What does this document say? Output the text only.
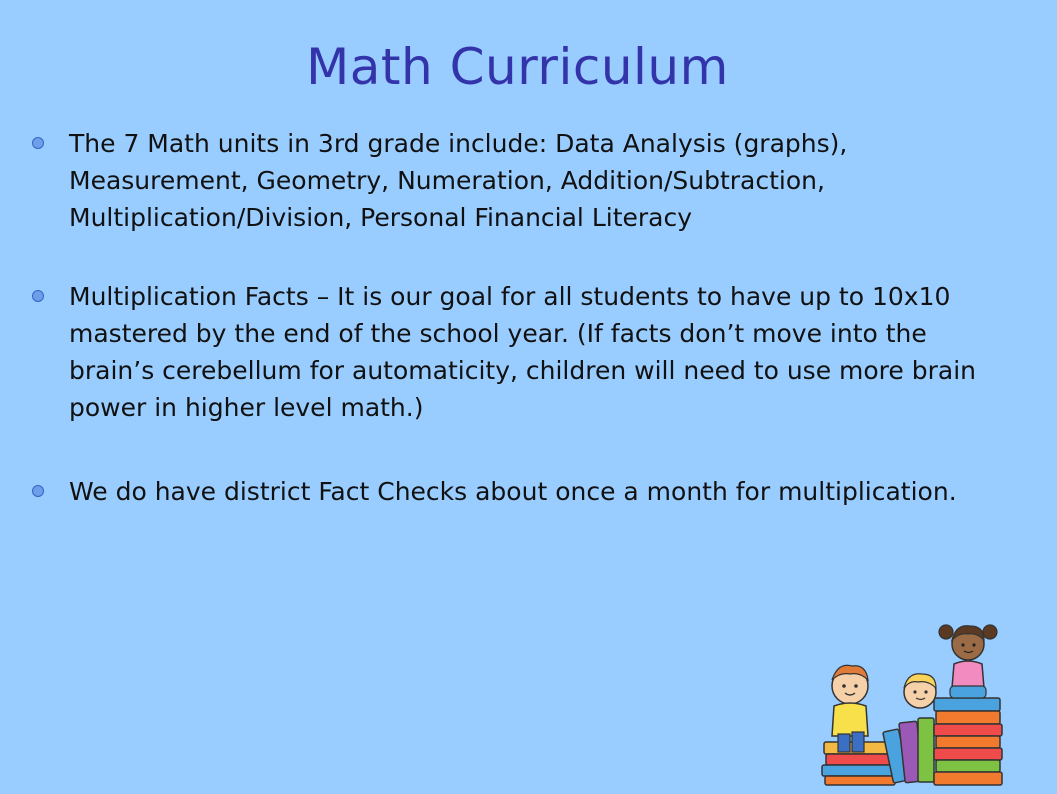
Math Curriculum
The 7 Math units in 3rd grade include: Data Analysis (graphs), Measurement, Geometry, Numeration, Addition/Subtraction, Multiplication/Division, Personal Financial Literacy
Multiplication Facts – It is our goal for all students to have up to 10x10 mastered by the end of the school year. (If facts don’t move into the brain’s cerebellum for automaticity, children will need to use more brain power in higher level math.)
We do have district Fact Checks about once a month for multiplication.
